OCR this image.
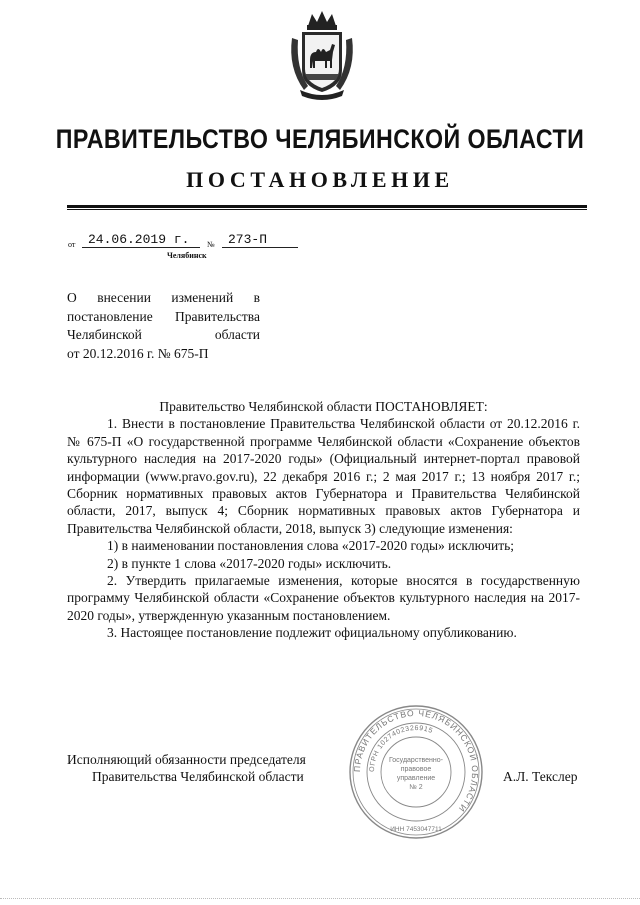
ПРАВИТЕЛЬСТВО ЧЕЛЯБИНСКОЙ ОБЛАСТИ
ПОСТАНОВЛЕНИЕ
от 24.06.2019 г. № 273-П
Челябинск

О внесении изменений в

постановление Правительства

Челябинской области

от 20.12.2016 г. № 675-П

Правительство Челябинской области ПОСТАНОВЛЯЕТ:

1. Внести в постановление Правительства Челябинской области от 20.12.2016 г. № 675-П «О государственной программе Челябинской области «Сохранение объектов культурного наследия на 2017-2020 годы» (Официальный интернет-портал правовой информации (www.pravo.gov.ru), 22 декабря 2016 г.; 2 мая 2017 г.; 13 ноября 2017 г.; Сборник нормативных правовых актов Губернатора и Правительства Челябинской области, 2017, выпуск 4; Сборник нормативных правовых актов Губернатора и Правительства Челябинской области, 2018, выпуск 3) следующие изменения:

1) в наименовании постановления слова «2017-2020 годы» исключить;

2) в пункте 1 слова «2017-2020 годы» исключить.

2. Утвердить прилагаемые изменения, которые вносятся в государственную программу Челябинской области «Сохранение объектов культурного наследия на 2017-2020 годы», утвержденную указанным постановлением.

3. Настоящее постановление подлежит официальному опубликованию.

Исполняющий обязанности председателя
Правительства Челябинской области	А.Л. Текслер
ПРАВИТЕЛЬСТВО ЧЕЛЯБИНСКОЙ ОБЛАСТИ
ОГРН 1027402326915
ИНН 7453047711
Государственно-
правовое
управление
№ 2
